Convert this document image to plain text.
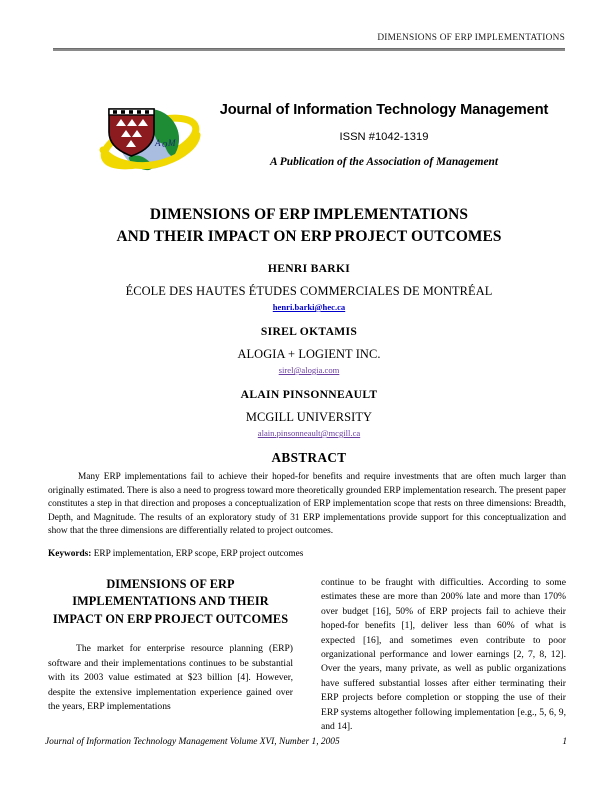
DIMENSIONS OF ERP IMPLEMENTATIONS
A o M
Journal of Information Technology Management
ISSN #1042-1319
A Publication of the Association of Management
DIMENSIONS OF ERP IMPLEMENTATIONS
AND THEIR IMPACT ON ERP PROJECT OUTCOMES
HENRI BARKI
ÉCOLE DES HAUTES ÉTUDES COMMERCIALES DE MONTRÉAL
henri.barki@hec.ca
SIREL OKTAMIS
ALOGIA + LOGIENT INC.
sirel@alogia.com
ALAIN PINSONNEAULT
MCGILL UNIVERSITY
alain.pinsonneault@mcgill.ca
ABSTRACT
Many ERP implementations fail to achieve their hoped-for benefits and require investments that are often much larger than originally estimated. There is also a need to progress toward more theoretically grounded ERP implementation research. The present paper constitutes a step in that direction and proposes a conceptualization of ERP implementation scope that rests on three dimensions: Breadth, Depth, and Magnitude. The results of an exploratory study of 31 ERP implementations provide support for this conceptualization and show that the three dimensions are differentially related to project outcomes.
Keywords: ERP implementation, ERP scope, ERP project outcomes
DIMENSIONS OF ERP IMPLEMENTATIONS AND THEIR IMPACT ON ERP PROJECT OUTCOMES

The market for enterprise resource planning (ERP) software and their implementations continues to be substantial with its 2003 value estimated at $23 billion [4]. However, despite the extensive implementation experience gained over the years, ERP implementations

continue to be fraught with difficulties. According to some estimates these are more than 200% late and more than 170% over budget [16], 50% of ERP projects fail to achieve their hoped-for benefits [1], deliver less than 60% of what is expected [16], and sometimes even contribute to poor organizational performance and lower earnings [2, 7, 8, 12]. Over the years, many private, as well as public organizations have suffered substantial losses after either terminating their ERP projects before completion or stopping the use of their ERP systems altogether following implementation [e.g., 5, 6, 9, and 14].

Journal of Information Technology Management Volume XVI, Number 1, 2005	1
